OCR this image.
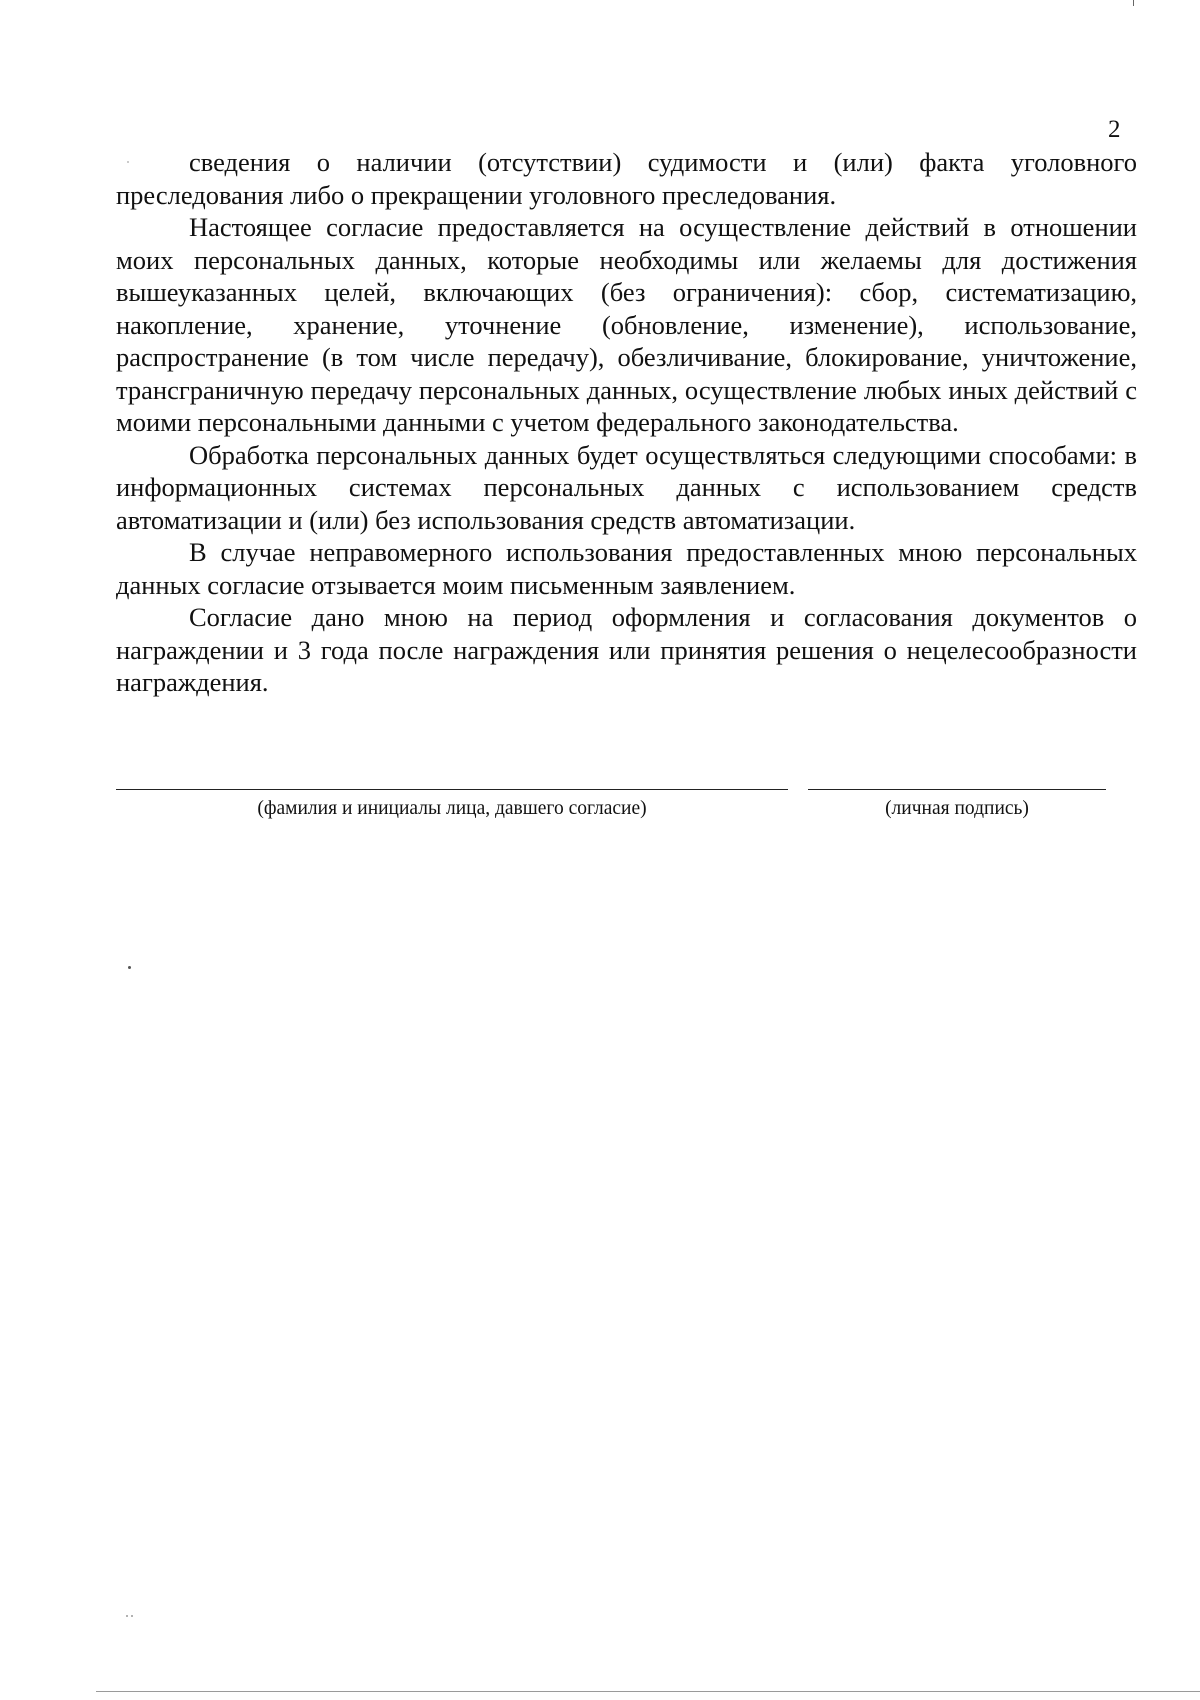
2

сведения о наличии (отсутствии) судимости и (или) факта уголовного преследования либо о прекращении уголовного преследования.

Настоящее согласие предоставляется на осуществление действий в отношении моих персональных данных, которые необходимы или желаемы для достижения вышеуказанных целей, включающих (без ограничения): сбор, систематизацию, накопление, хранение, уточнение (обновление, изменение), использование, распространение (в том числе передачу), обезличивание, блокирование, уничтожение, трансграничную передачу персональных данных, осуществление любых иных действий с моими персональными данными с учетом федерального законодательства.

Обработка персональных данных будет осуществляться следующими способами: в информационных системах персональных данных с использованием средств автоматизации и (или) без использования средств автоматизации.

В случае неправомерного использования предоставленных мною персональных данных согласие отзывается моим письменным заявлением.

Согласие дано мною на период оформления и согласования документов о награждении и 3 года после награждения или принятия решения о нецелесообразности награждения.

(фамилия и инициалы лица, давшего согласие)	(личная подпись)
